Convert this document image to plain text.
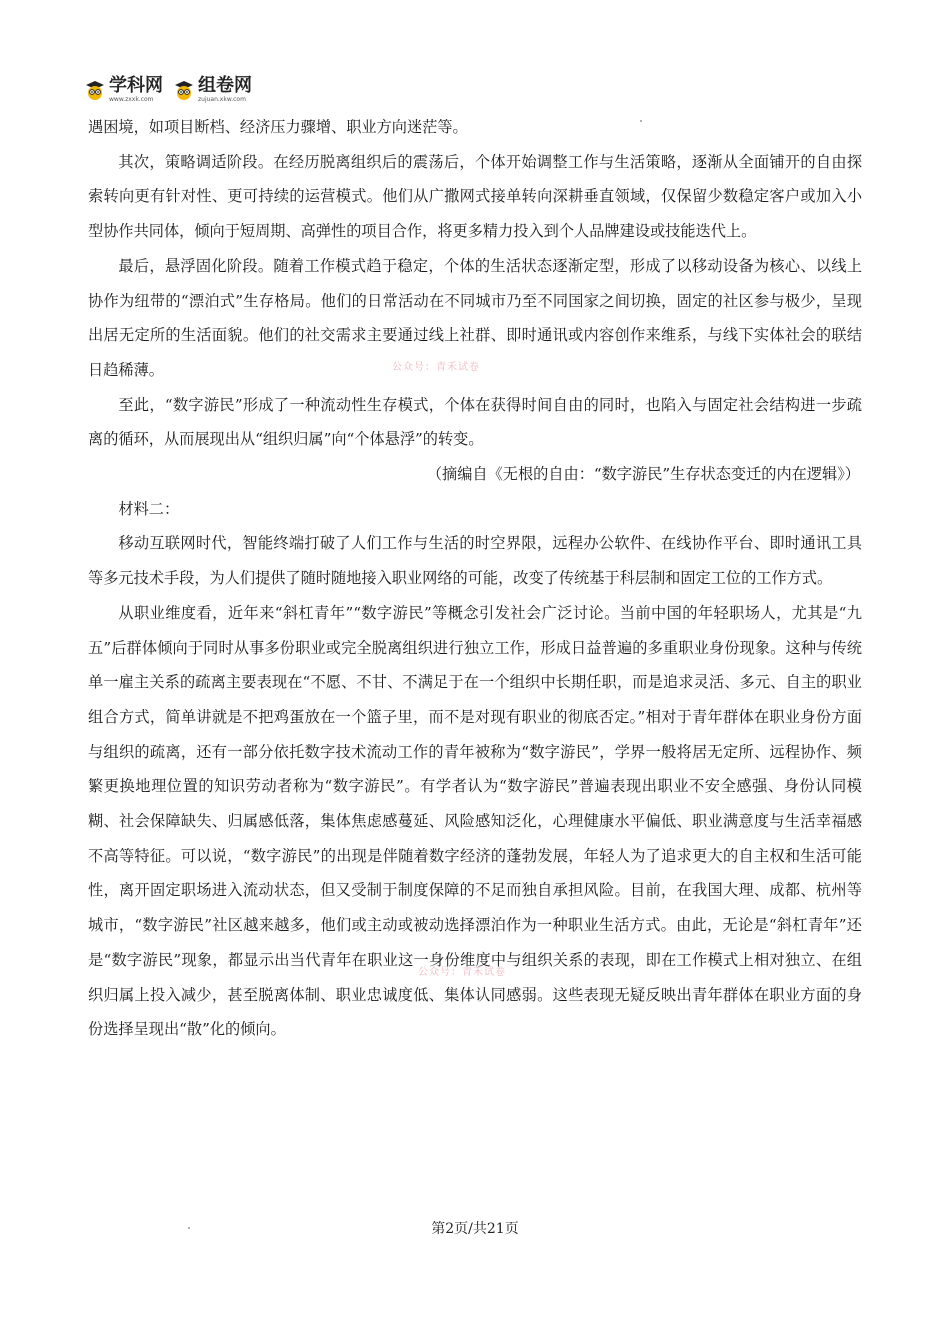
学科网
www.zxxk.com
组卷网
zujuan.xkw.com

遇困境，如项目断档、经济压力骤增、职业方向迷茫等。

其次，策略调适阶段。在经历脱离组织后的震荡后，个体开始调整工作与生活策略，逐渐从全面铺开的自由探索转向更有针对性、更可持续的运营模式。他们从广撒网式接单转向深耕垂直领域，仅保留少数稳定客户或加入小型协作共同体，倾向于短周期、高弹性的项目合作，将更多精力投入到个人品牌建设或技能迭代上。

最后，悬浮固化阶段。随着工作模式趋于稳定，个体的生活状态逐渐定型，形成了以移动设备为核心、以线上协作为纽带的“漂泊式”生存格局。他们的日常活动在不同城市乃至不同国家之间切换，固定的社区参与极少，呈现出居无定所的生活面貌。他们的社交需求主要通过线上社群、即时通讯或内容创作来维系，与线下实体社会的联结日趋稀薄。

至此，“数字游民”形成了一种流动性生存模式，个体在获得时间自由的同时，也陷入与固定社会结构进一步疏离的循环，从而展现出从“组织归属”向“个体悬浮”的转变。

（摘编自《无根的自由：“数字游民”生存状态变迁的内在逻辑》）

材料二：

移动互联网时代，智能终端打破了人们工作与生活的时空界限，远程办公软件、在线协作平台、即时通讯工具等多元技术手段，为人们提供了随时随地接入职业网络的可能，改变了传统基于科层制和固定工位的工作方式。

从职业维度看，近年来“斜杠青年”“数字游民”等概念引发社会广泛讨论。当前中国的年轻职场人，尤其是“九五”后群体倾向于同时从事多份职业或完全脱离组织进行独立工作，形成日益普遍的多重职业身份现象。这种与传统单一雇主关系的疏离主要表现在“不愿、不甘、不满足于在一个组织中长期任职，而是追求灵活、多元、自主的职业组合方式，简单讲就是不把鸡蛋放在一个篮子里，而不是对现有职业的彻底否定。”相对于青年群体在职业身份方面与组织的疏离，还有一部分依托数字技术流动工作的青年被称为“数字游民”，学界一般将居无定所、远程协作、频繁更换地理位置的知识劳动者称为“数字游民”。有学者认为“数字游民”普遍表现出职业不安全感强、身份认同模糊、社会保障缺失、归属感低落，集体焦虑感蔓延、风险感知泛化，心理健康水平偏低、职业满意度与生活幸福感不高等特征。可以说，“数字游民”的出现是伴随着数字经济的蓬勃发展，年轻人为了追求更大的自主权和生活可能性，离开固定职场进入流动状态，但又受制于制度保障的不足而独自承担风险。目前，在我国大理、成都、杭州等城市，“数字游民”社区越来越多，他们或主动或被动选择漂泊作为一种职业生活方式。由此，无论是“斜杠青年”还是“数字游民”现象，都显示出当代青年在职业这一身份维度中与组织关系的表现，即在工作模式上相对独立、在组织归属上投入减少，甚至脱离体制、职业忠诚度低、集体认同感弱。这些表现无疑反映出青年群体在职业方面的身份选择呈现出“散”化的倾向。

公众号：青禾试卷
公众号：青禾试卷
第2页/共21页
